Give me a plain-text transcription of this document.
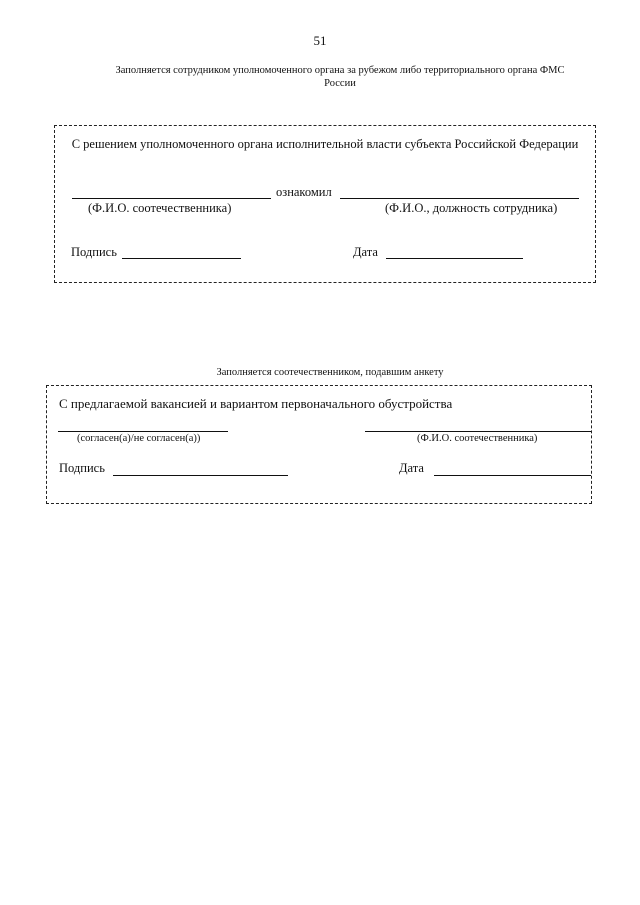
51
Заполняется сотрудником уполномоченного органа за рубежом либо территориального органа ФМС России
С решением уполномоченного органа исполнительной власти субъекта Российской Федерации
ознакомил
(Ф.И.О. соотечественника)	(Ф.И.О., должность сотрудника)
Подпись	Дата
Заполняется соотечественником, подавшим анкету
С предлагаемой вакансией и вариантом первоначального обустройства
(согласен(а)/не согласен(а))	(Ф.И.О. соотечественника)
Подпись	Дата
